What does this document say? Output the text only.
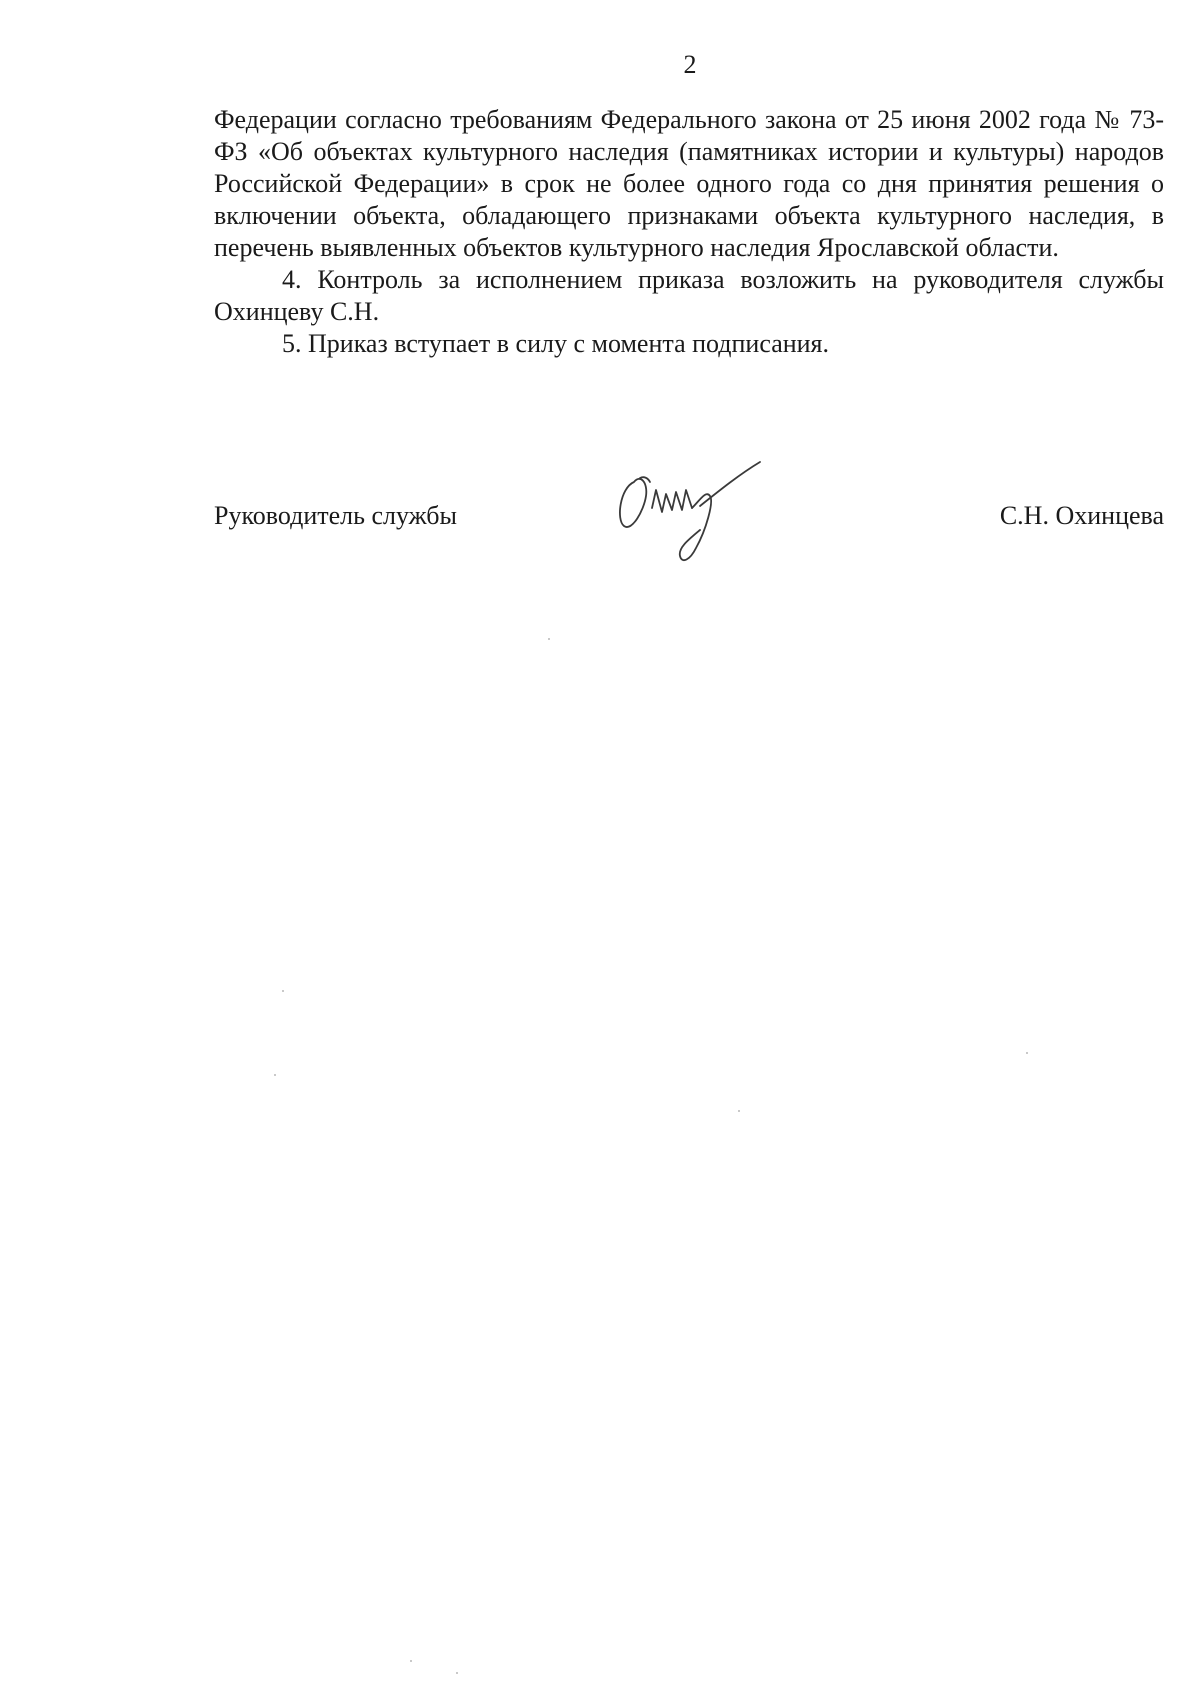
2

Федерации согласно требованиям Федерального закона от 25 июня 2002 года № 73-ФЗ «Об объектах культурного наследия (памятниках истории и культуры) народов Российской Федерации» в срок не более одного года со дня принятия решения о включении объекта, обладающего признаками объекта культурного наследия, в перечень выявленных объектов культурного наследия Ярославской области.

4. Контроль за исполнением приказа возложить на руководителя службы Охинцеву С.Н.

5. Приказ вступает в силу с момента подписания.

Руководитель службы	С.Н. Охинцева
